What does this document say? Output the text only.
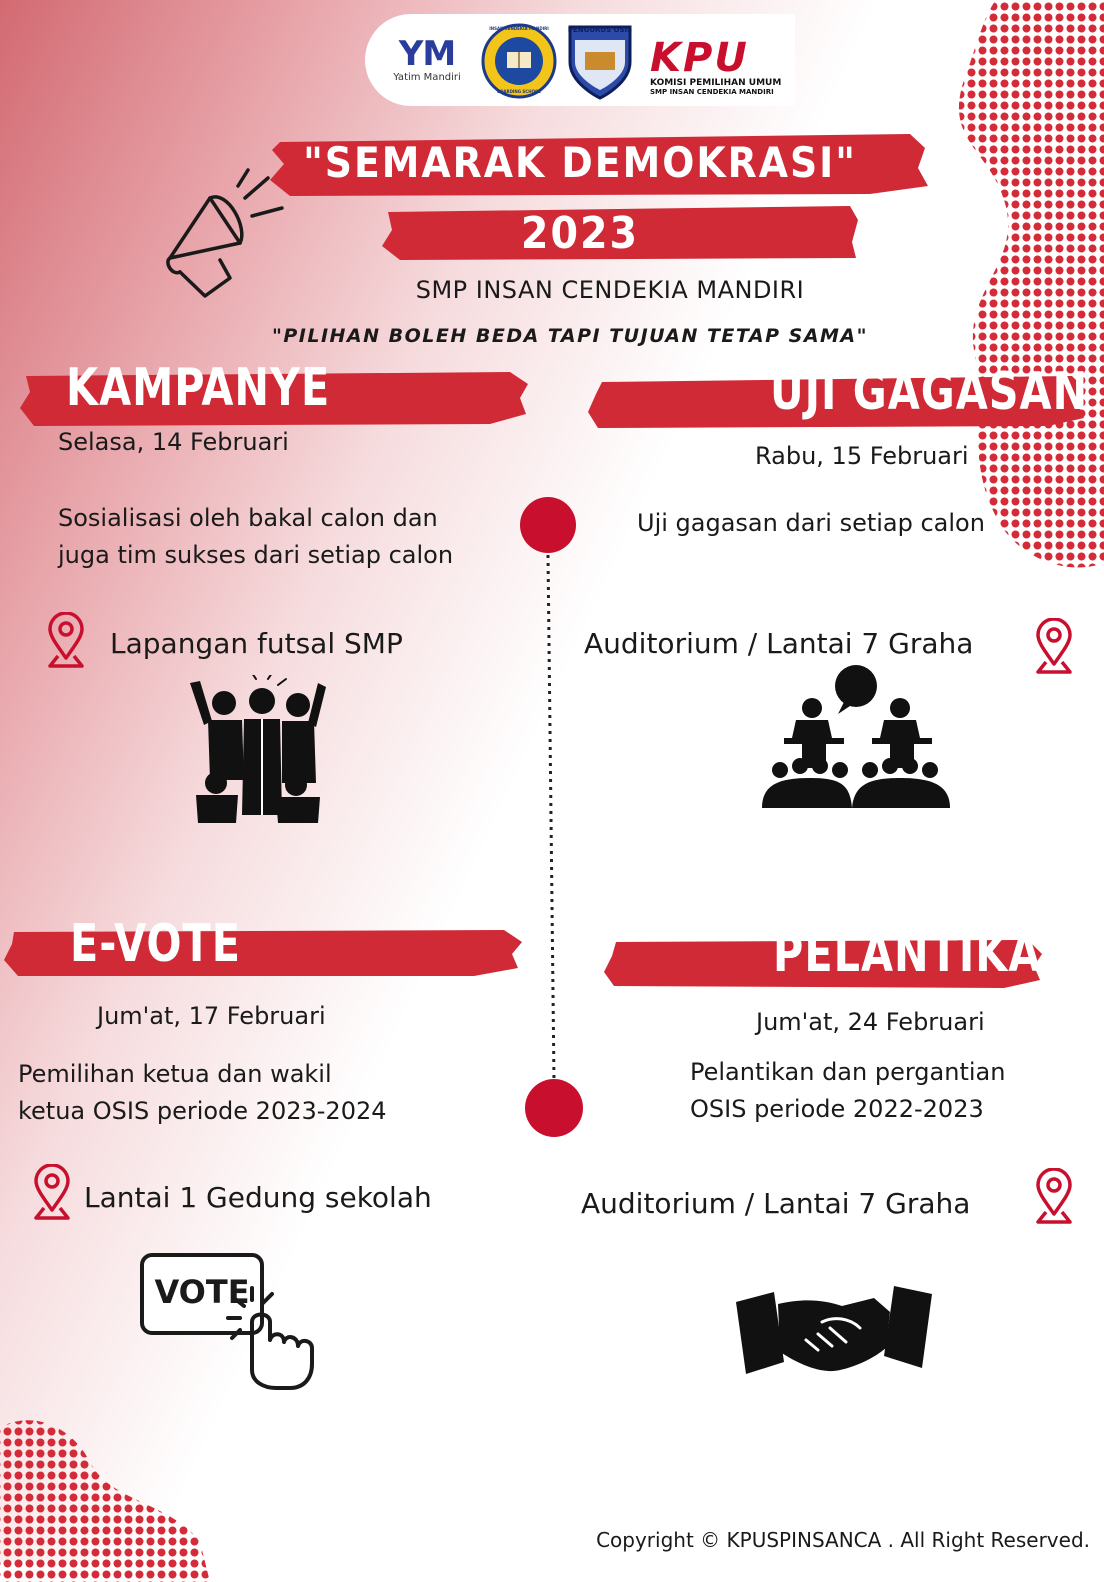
YM
Yatim Mandiri
INSAN CENDEKIA MANDIRI
BOARDING SCHOOL
PENGURUS OSIS
KPU
KOMISI PEMILIHAN UMUM
SMP INSAN CENDEKIA MANDIRI
"SEMARAK DEMOKRASI"
2023
SMP INSAN CENDEKIA MANDIRI
"PILIHAN BOLEH BEDA TAPI TUJUAN TETAP SAMA"
KAMPANYE
Selasa, 14 Februari
Sosialisasi oleh bakal calon dan
juga tim sukses dari setiap calon
Lapangan futsal SMP
UJI GAGASAN
Rabu, 15 Februari
Uji gagasan dari setiap calon
Auditorium / Lantai 7 Graha
E-VOTE
Jum'at, 17 Februari
Pemilihan ketua dan wakil
ketua OSIS periode 2023-2024
Lantai 1 Gedung sekolah
VOTE
PELANTIKAN
Jum'at, 24 Februari
Pelantikan dan pergantian
OSIS periode 2022-2023
Auditorium / Lantai 7 Graha
Copyright © KPUSPINSANCA . All Right Reserved.
